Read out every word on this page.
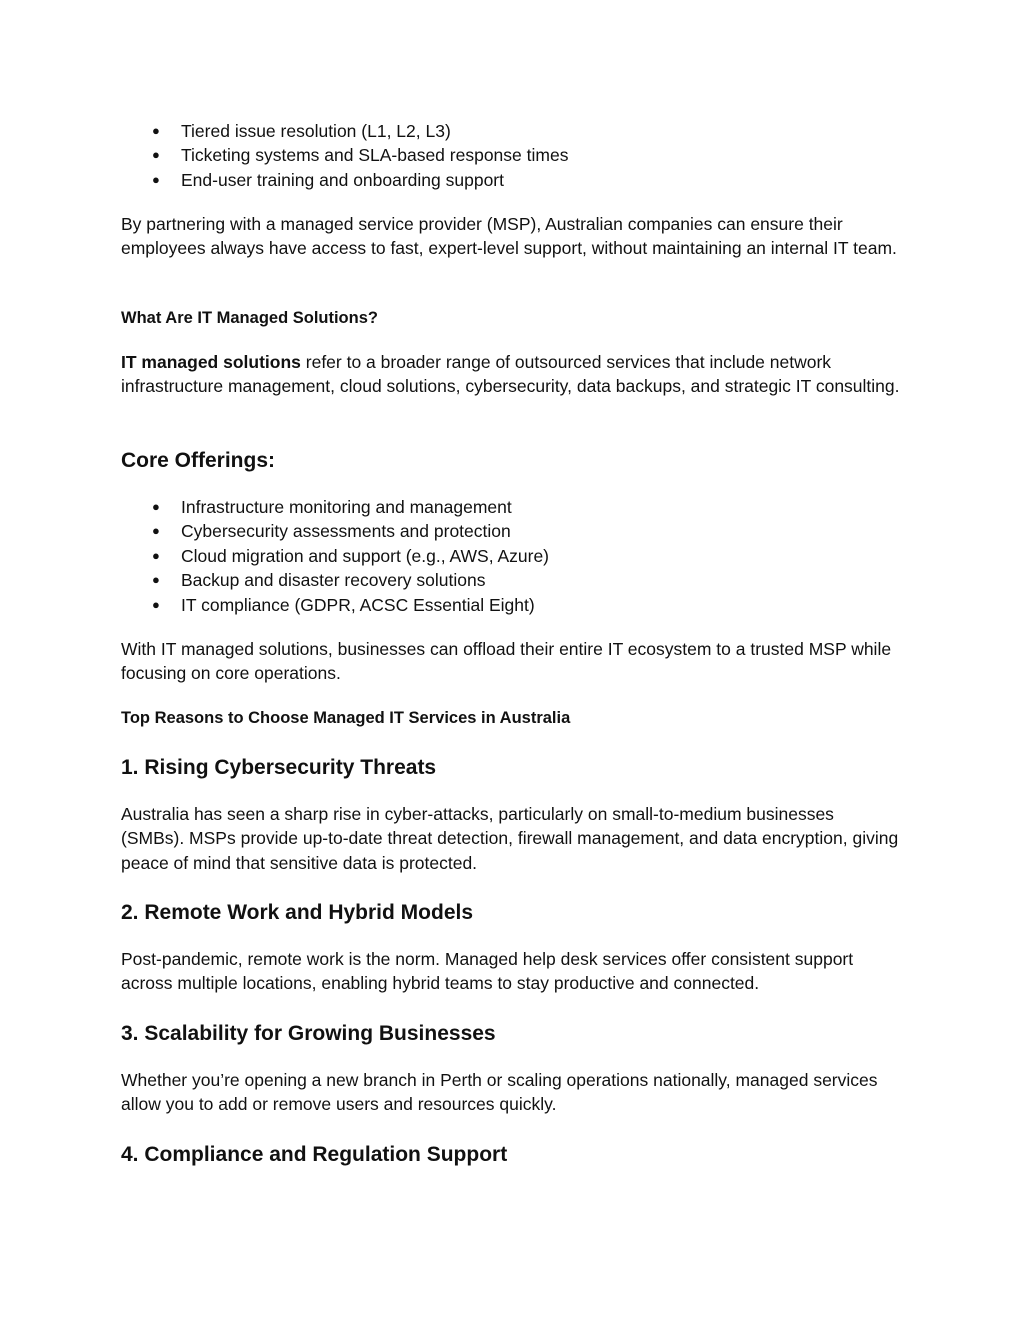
● Tiered issue resolution (L1, L2, L3)
● Ticketing systems and SLA-based response times
● End-user training and onboarding support

By partnering with a managed service provider (MSP), Australian companies can ensure their employees always have access to fast, expert-level support, without maintaining an internal IT team.

What Are IT Managed Solutions?

IT managed solutions refer to a broader range of outsourced services that include network infrastructure management, cloud solutions, cybersecurity, data backups, and strategic IT consulting.

Core Offerings:
● Infrastructure monitoring and management
● Cybersecurity assessments and protection
● Cloud migration and support (e.g., AWS, Azure)
● Backup and disaster recovery solutions
● IT compliance (GDPR, ACSC Essential Eight)

With IT managed solutions, businesses can offload their entire IT ecosystem to a trusted MSP while focusing on core operations.

Top Reasons to Choose Managed IT Services in Australia
1. Rising Cybersecurity Threats

Australia has seen a sharp rise in cyber-attacks, particularly on small-to-medium businesses (SMBs). MSPs provide up-to-date threat detection, firewall management, and data encryption, giving peace of mind that sensitive data is protected.

2. Remote Work and Hybrid Models

Post-pandemic, remote work is the norm. Managed help desk services offer consistent support across multiple locations, enabling hybrid teams to stay productive and connected.

3. Scalability for Growing Businesses

Whether you’re opening a new branch in Perth or scaling operations nationally, managed services allow you to add or remove users and resources quickly.

4. Compliance and Regulation Support
